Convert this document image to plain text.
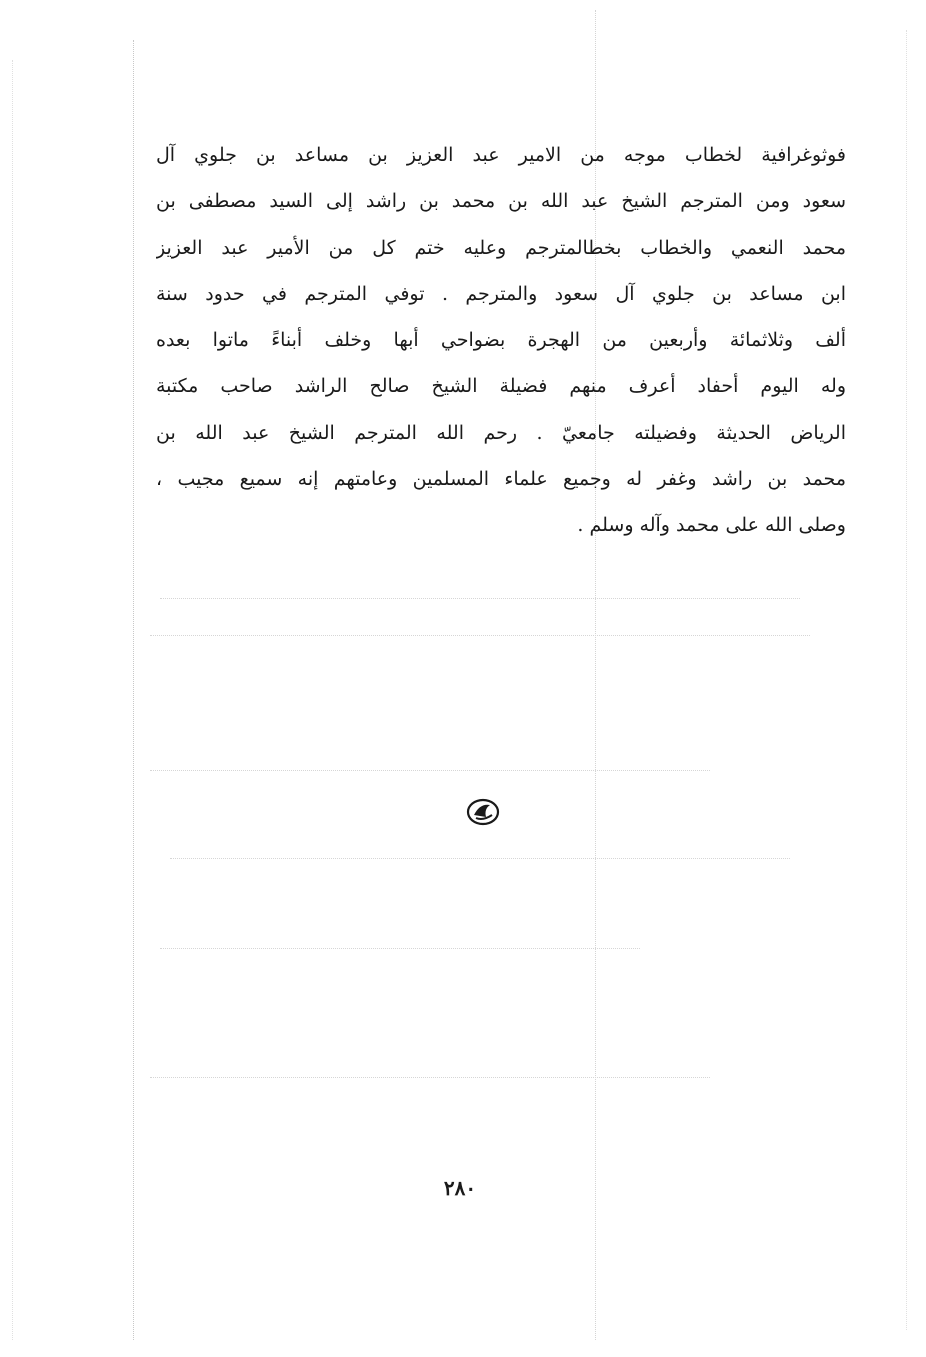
فوثوغرافية لخطاب موجه من الامير عبد العزيز بن مساعد بن جلوي آل
سعود ومن المترجم الشيخ عبد الله بن محمد بن راشد إلى السيد مصطفى بن
محمد النعمي والخطاب بخطالمترجم وعليه ختم كل من الأمير عبد العزيز
ابن مساعد بن جلوي آل سعود والمترجم . توفي المترجم في حدود سنة
ألف وثلاثمائة وأربعين من الهجرة بضواحي أبها وخلف أبناءً ماتوا بعده
وله اليوم أحفاد أعرف منهم فضيلة الشيخ صالح الراشد صاحب مكتبة
الرياض الحديثة وفضيلته جامعيّ . رحم الله المترجم الشيخ عبد الله بن
محمد بن راشد وغفر له وجميع علماء المسلمين وعامتهم إنه سميع مجيب ،
وصلى الله على محمد وآله وسلم .
٢٨٠
